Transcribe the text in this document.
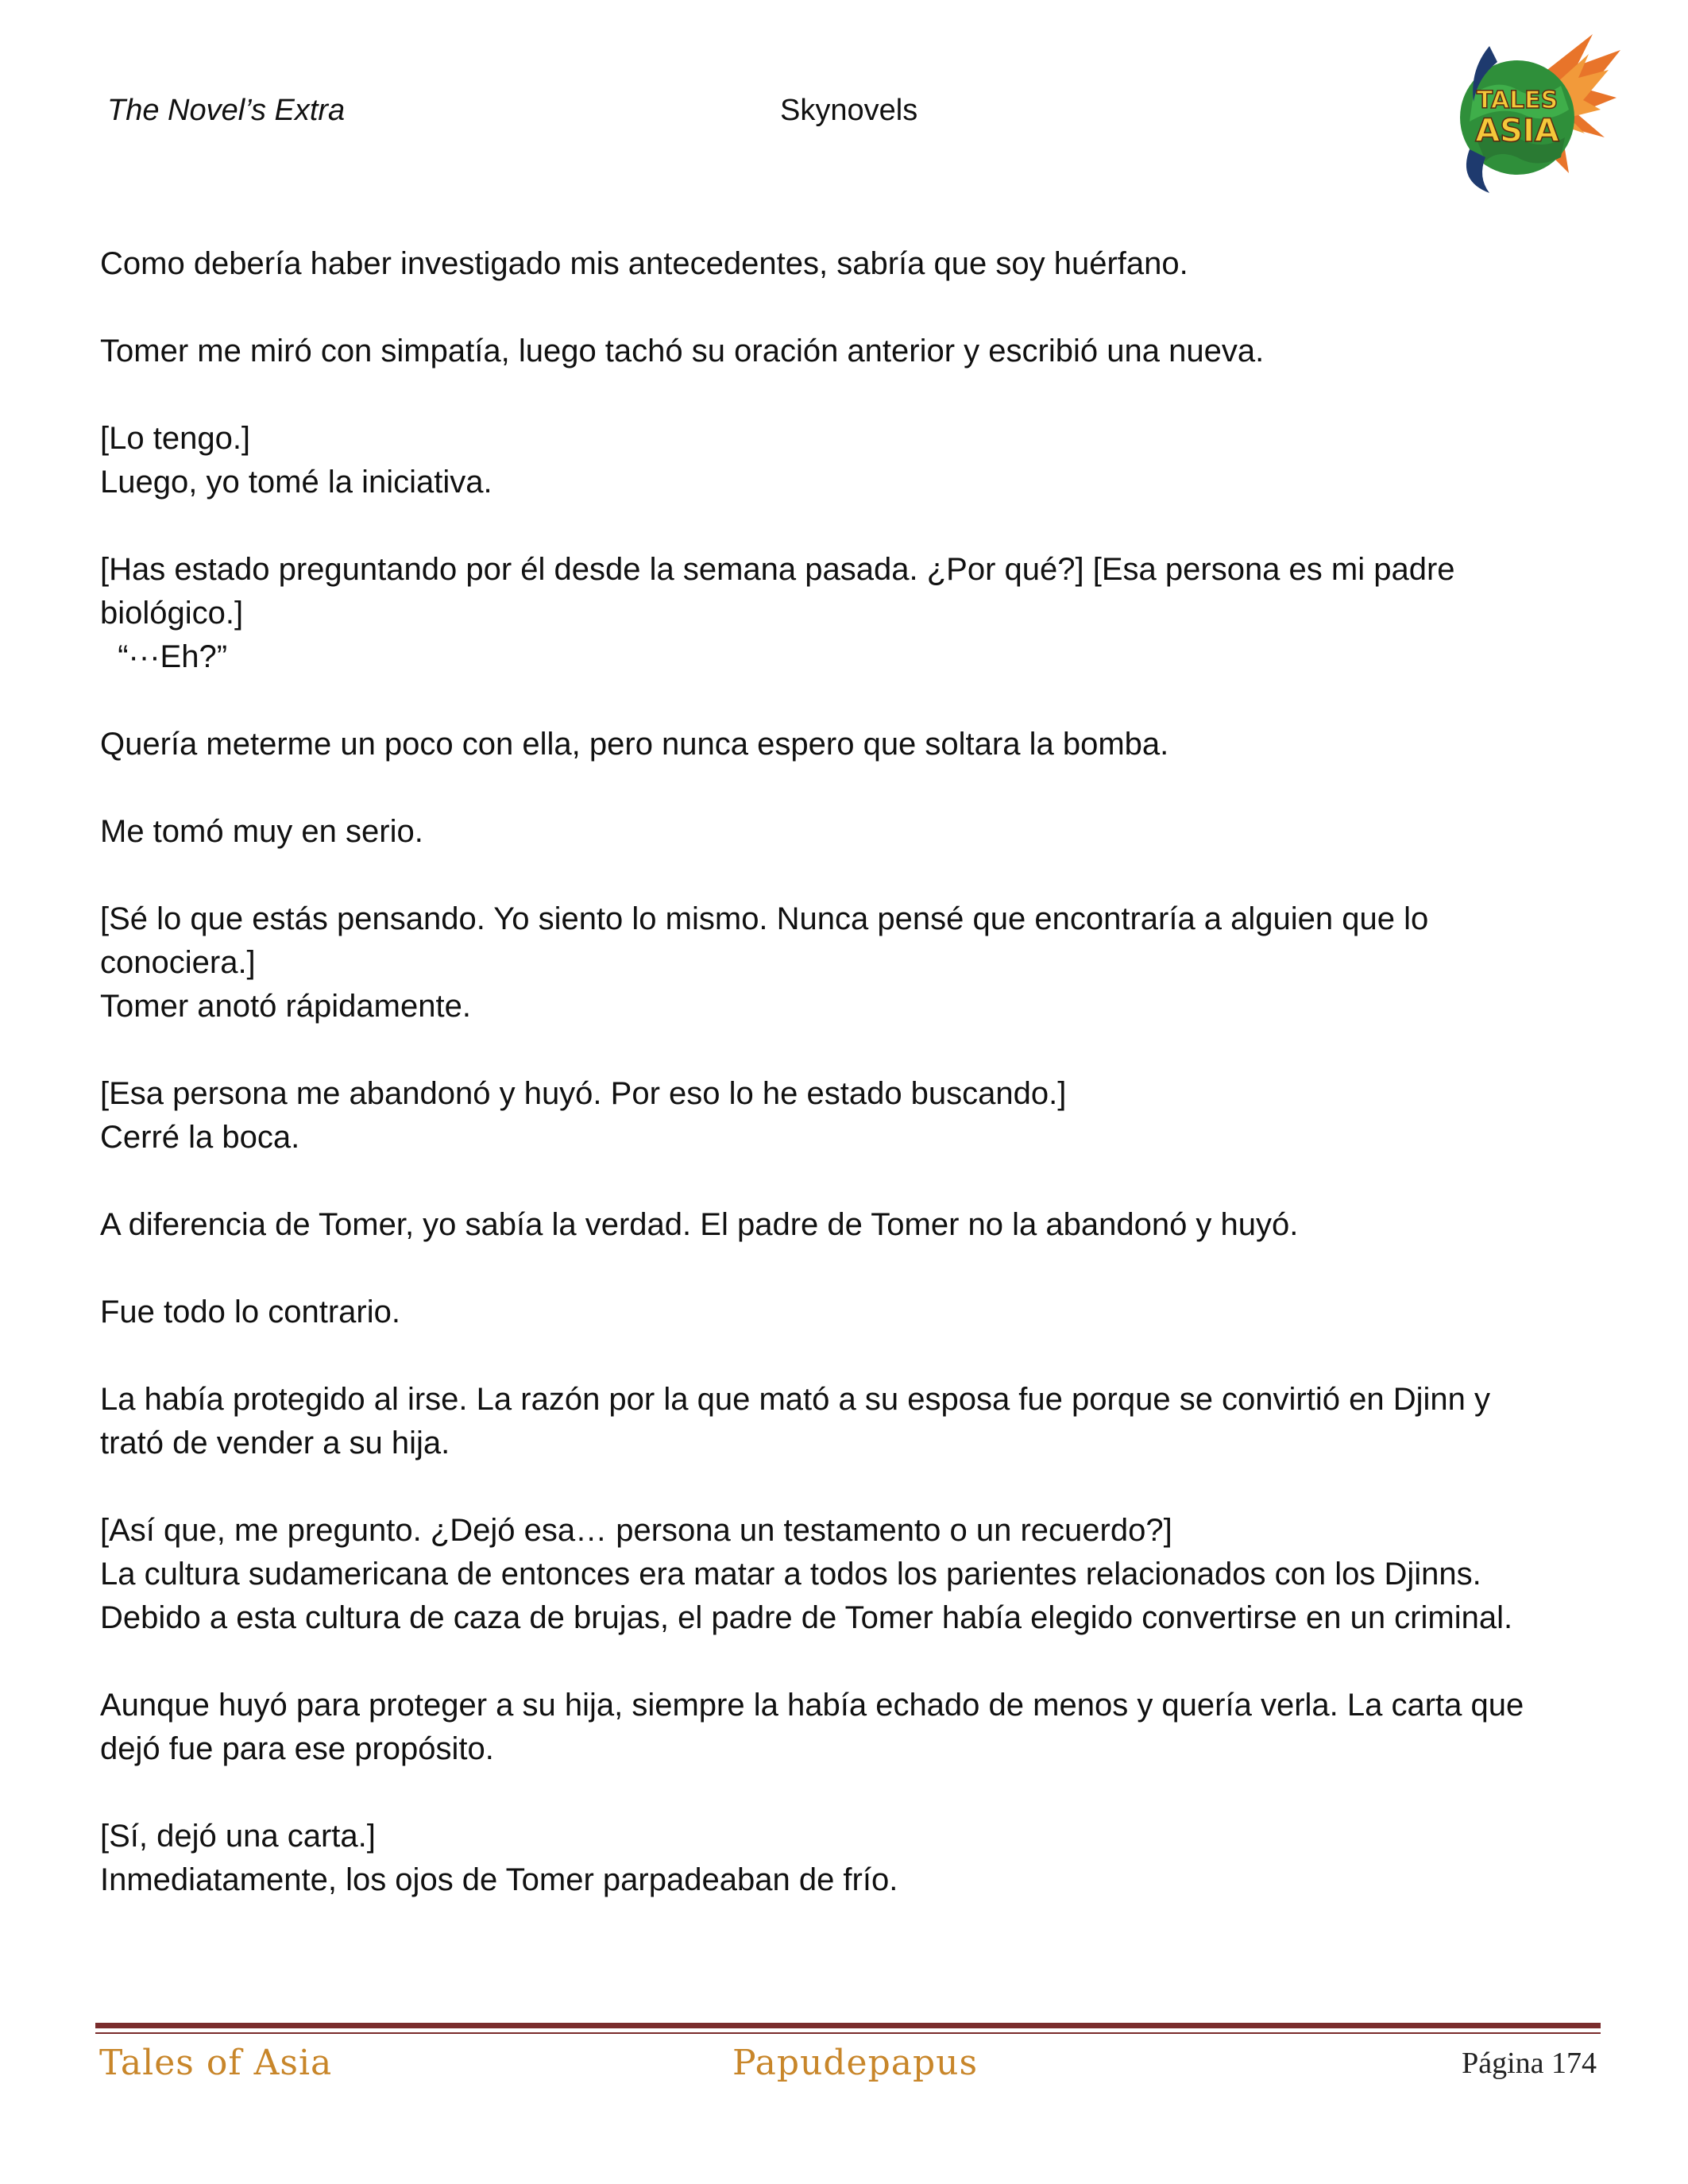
The Novel’s Extra	Skynovels	TALES
ASIA

Como debería haber investigado mis antecedentes, sabría que soy huérfano.

Tomer me miró con simpatía, luego tachó su oración anterior y escribió una nueva.

[Lo tengo.]

Luego, yo tomé la iniciativa.

[Has estado preguntando por él desde la semana pasada. ¿Por qué?] [Esa persona es mi padre

biológico.]

“···Eh?”

Quería meterme un poco con ella, pero nunca espero que soltara la bomba.

Me tomó muy en serio.

[Sé lo que estás pensando. Yo siento lo mismo. Nunca pensé que encontraría a alguien que lo

conociera.]

Tomer anotó rápidamente.

[Esa persona me abandonó y huyó. Por eso lo he estado buscando.]

Cerré la boca.

A diferencia de Tomer, yo sabía la verdad. El padre de Tomer no la abandonó y huyó.

Fue todo lo contrario.

La había protegido al irse. La razón por la que mató a su esposa fue porque se convirtió en Djinn y

trató de vender a su hija.

[Así que, me pregunto. ¿Dejó esa… persona un testamento o un recuerdo?]

La cultura sudamericana de entonces era matar a todos los parientes relacionados con los Djinns.

Debido a esta cultura de caza de brujas, el padre de Tomer había elegido convertirse en un criminal.

Aunque huyó para proteger a su hija, siempre la había echado de menos y quería verla. La carta que

dejó fue para ese propósito.

[Sí, dejó una carta.]

Inmediatamente, los ojos de Tomer parpadeaban de frío.

Tales of Asia	Papudepapus	Página 174
